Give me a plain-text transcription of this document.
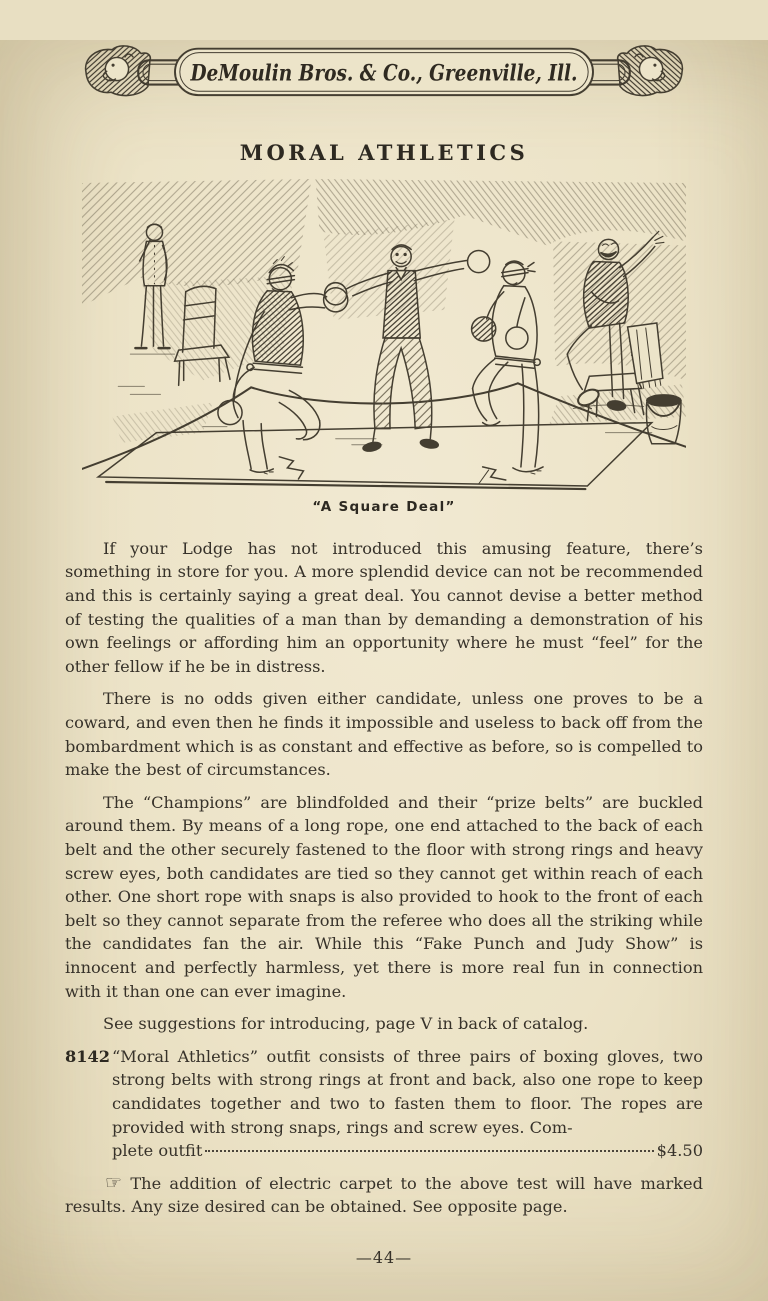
DeMoulin Bros. & Co., Greenville, Ill.
MORAL ATHLETICS
“A Square Deal”

If your Lodge has not introduced this amusing feature, there’s something in store for you. A more splendid device can not be recommended and this is certainly saying a great deal. You cannot devise a better method of testing the qualities of a man than by demanding a demonstration of his own feelings or affording him an opportunity where he must “feel” for the other fellow if he be in distress.

There is no odds given either candidate, unless one proves to be a coward, and even then he finds it impossible and useless to back off from the bombardment which is as constant and effective as before, so is compelled to make the best of circumstances.

The “Champions” are blindfolded and their “prize belts” are buckled around them. By means of a long rope, one end attached to the back of each belt and the other securely fastened to the floor with strong rings and heavy screw eyes, both candidates are tied so they cannot get within reach of each other. One short rope with snaps is also provided to hook to the front of each belt so they cannot separate from the referee who does all the striking while the candidates fan the air. While this “Fake Punch and Judy Show” is innocent and perfectly harmless, yet there is more real fun in connection with it than one can ever imagine.

See suggestions for introducing, page V in back of catalog.

8142 “Moral Athletics” outfit consists of three pairs of boxing gloves, two strong belts with strong rings at front and back, also one rope to keep candidates together and two to fasten them to floor. The ropes are provided with strong snaps, rings and screw eyes. Com-
plete outfit	$4.50

☞ The addition of electric carpet to the above test will have marked results. Any size desired can be obtained. See opposite page.

—44—
